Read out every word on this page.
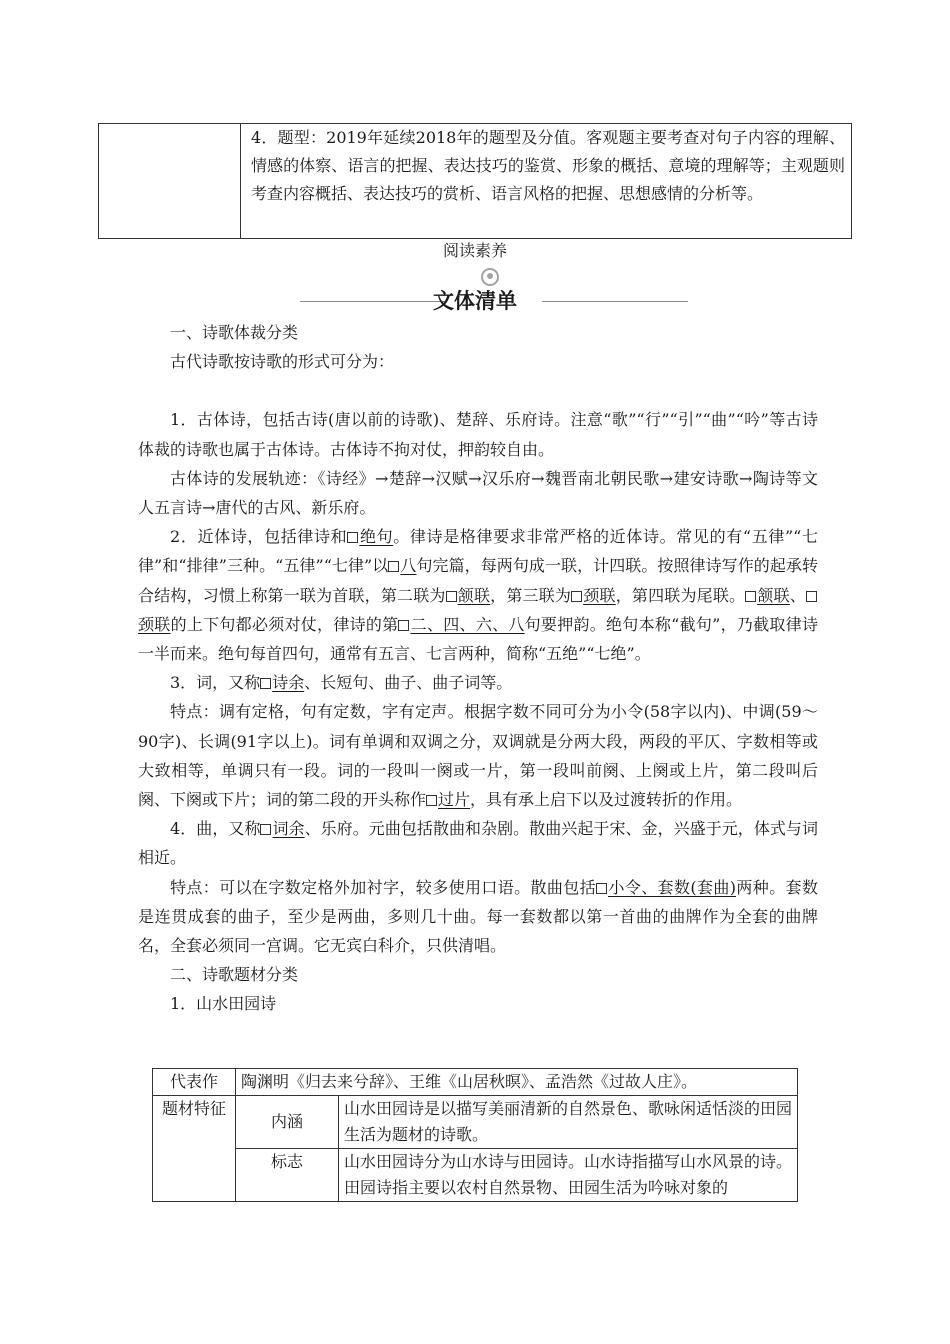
4．题型：2019年延续2018年的题型及分值。客观题主要考查对句子内容的理解、情感的体察、语言的把握、表达技巧的鉴赏、形象的概括、意境的理解等；主观题则考查内容概括、表达技巧的赏析、语言风格的把握、思想感情的分析等。
阅读素养
文体清单

一、诗歌体裁分类

古代诗歌按诗歌的形式可分为：

1．古体诗，包括古诗(唐以前的诗歌)、楚辞、乐府诗。注意“歌”“行”“引”“曲”“吟”等古诗体裁的诗歌也属于古体诗。古体诗不拘对仗，押韵较自由。

古体诗的发展轨迹：《诗经》→楚辞→汉赋→汉乐府→魏晋南北朝民歌→建安诗歌→陶诗等文人五言诗→唐代的古风、新乐府。

2．近体诗，包括律诗和 绝句。律诗是格律要求非常严格的近体诗。常见的有“五律”“七律”和“排律”三种。“五律”“七律”以 八句完篇，每两句成一联，计四联。按照律诗写作的起承转合结构，习惯上称第一联为首联，第二联为 颔联，第三联为 颈联，第四联为尾联。 颔联、颈联的上下句都必须对仗，律诗的第 二、四、六、八句要押韵。绝句本称“截句”，乃截取律诗一半而来。绝句每首四句，通常有五言、七言两种，简称“五绝”“七绝”。

3．词，又称 诗余、长短句、曲子、曲子词等。

特点：调有定格，句有定数，字有定声。根据字数不同可分为小令(58字以内)、中调(59～90字)、长调(91字以上)。词有单调和双调之分，双调就是分两大段，两段的平仄、字数相等或大致相等，单调只有一段。词的一段叫一阕或一片，第一段叫前阕、上阕或上片，第二段叫后阕、下阕或下片；词的第二段的开头称作 过片，具有承上启下以及过渡转折的作用。

4．曲，又称 词余、乐府。元曲包括散曲和杂剧。散曲兴起于宋、金，兴盛于元，体式与词相近。

特点：可以在字数定格外加衬字，较多使用口语。散曲包括 小令、套数(套曲)两种。套数是连贯成套的曲子，至少是两曲，多则几十曲。每一套数都以第一首曲的曲牌作为全套的曲牌名，全套必须同一宫调。它无宾白科介，只供清唱。

二、诗歌题材分类

1．山水田园诗

代表作	陶渊明《归去来兮辞》、王维《山居秋暝》、孟浩然《过故人庄》。	
题材特征	内涵	山水田园诗是以描写美丽清新的自然景色、歌咏闲适恬淡的田园生活为题材的诗歌。
	标志	山水田园诗分为山水诗与田园诗。山水诗指描写山水风景的诗。田园诗指主要以农村自然景物、田园生活为吟咏对象的
